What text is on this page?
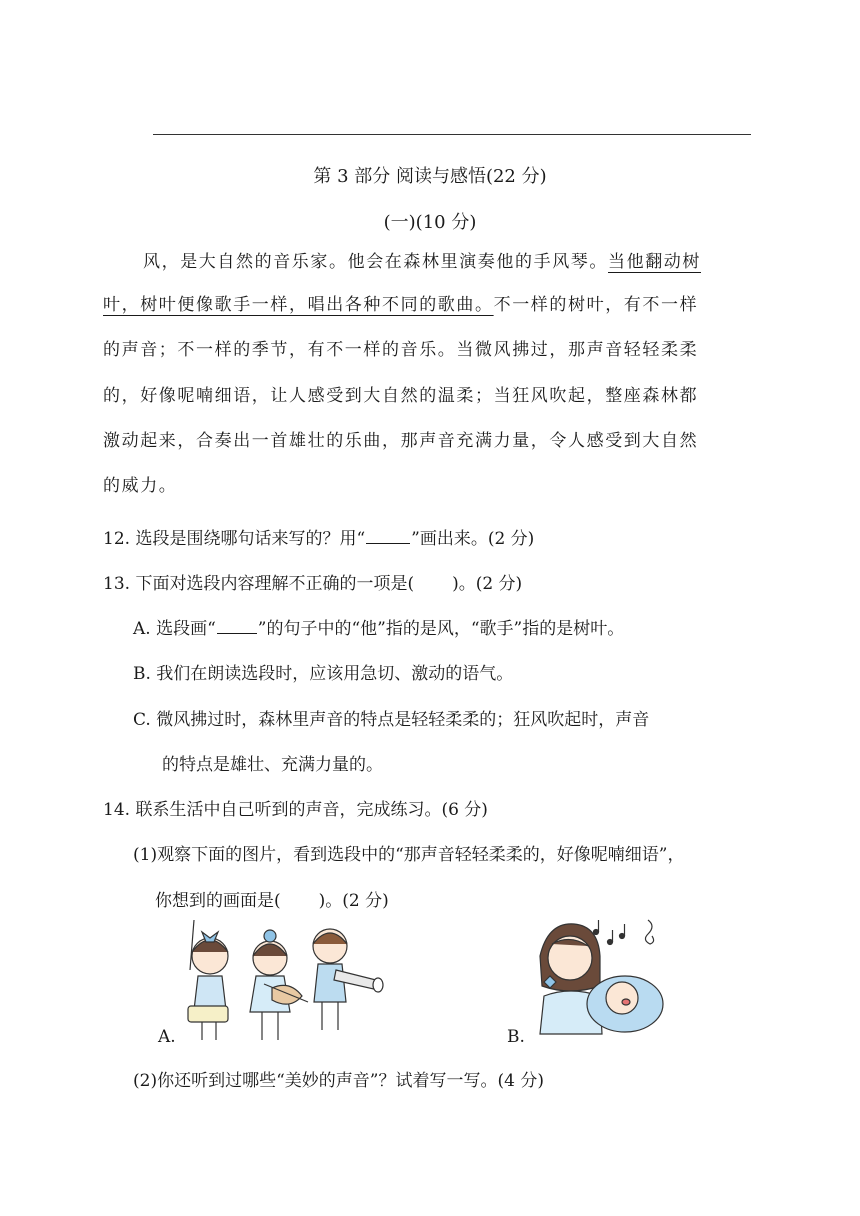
第 3 部分 阅读与感悟(22 分)
(一)(10 分)
风，是大自然的音乐家。他会在森林里演奏他的手风琴。当他翻动树
叶，树叶便像歌手一样，唱出各种不同的歌曲。不一样的树叶，有不一样
的声音；不一样的季节，有不一样的音乐。当微风拂过，那声音轻轻柔柔
的，好像呢喃细语，让人感受到大自然的温柔；当狂风吹起，整座森林都
激动起来，合奏出一首雄壮的乐曲，那声音充满力量，令人感受到大自然
的威力。
12. 选段是围绕哪句话来写的？用“	”画出来。(2 分)
13. 下面对选段内容理解不正确的一项是( )。(2 分)
A. 选段画“ ”的句子中的“他”指的是风，“歌手”指的是树叶。
B. 我们在朗读选段时，应该用急切、激动的语气。
C. 微风拂过时，森林里声音的特点是轻轻柔柔的；狂风吹起时，声音
的特点是雄壮、充满力量的。
14. 联系生活中自己听到的声音，完成练习。(6 分)
(1)观察下面的图片，看到选段中的“那声音轻轻柔柔的，好像呢喃细语”，
你想到的画面是( )。(2 分)
A.	B.
(2)你还听到过哪些“美妙的声音”？试着写一写。(4 分)
